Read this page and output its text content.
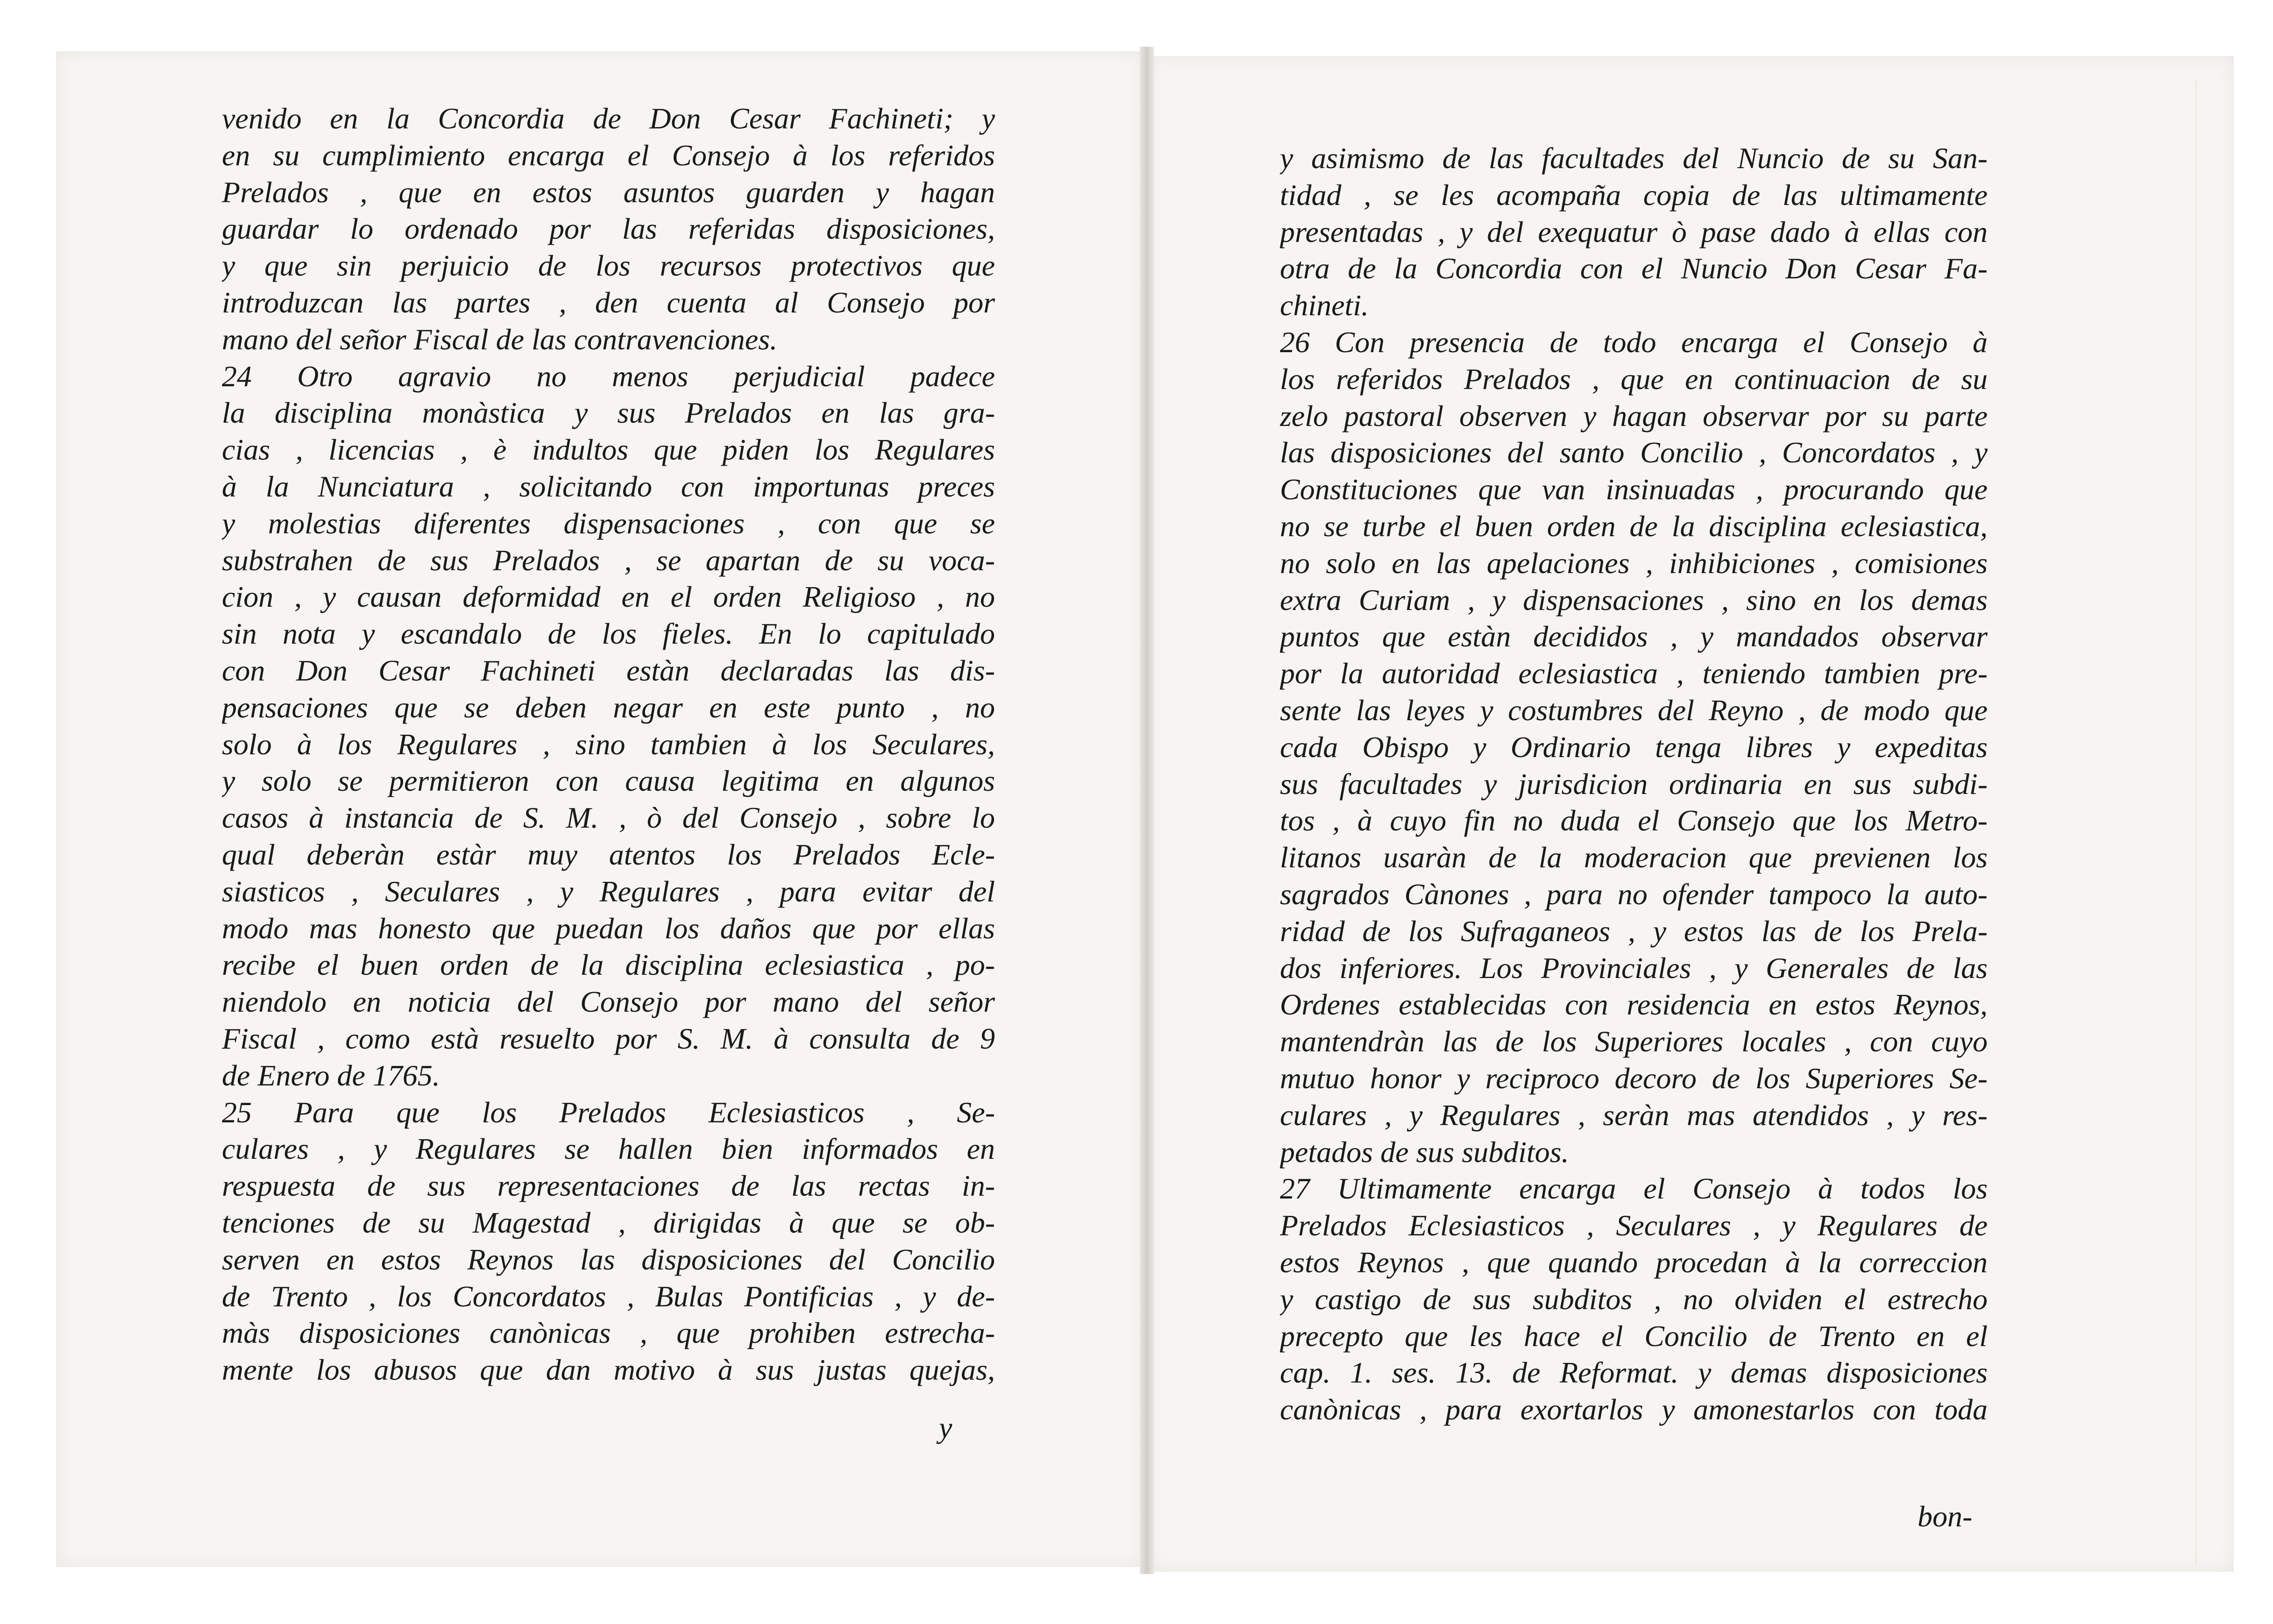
venido en la Concordia de Don Cesar Fachineti; y
en su cumplimiento encarga el Consejo à los referidos
Prelados , que en estos asuntos guarden y hagan
guardar lo ordenado por las referidas disposiciones,
y que sin perjuicio de los recursos protectivos que
introduzcan las partes , den cuenta al Consejo por
mano del señor Fiscal de las contravenciones.
24 Otro agravio no menos perjudicial padece
la disciplina monàstica y sus Prelados en las gra-
cias , licencias , è indultos que piden los Regulares
à la Nunciatura , solicitando con importunas preces
y molestias diferentes dispensaciones , con que se
substrahen de sus Prelados , se apartan de su voca-
cion , y causan deformidad en el orden Religioso , no
sin nota y escandalo de los fieles. En lo capitulado
con Don Cesar Fachineti estàn declaradas las dis-
pensaciones que se deben negar en este punto , no
solo à los Regulares , sino tambien à los Seculares,
y solo se permitieron con causa legitima en algunos
casos à instancia de S. M. , ò del Consejo , sobre lo
qual deberàn estàr muy atentos los Prelados Ecle-
siasticos , Seculares , y Regulares , para evitar del
modo mas honesto que puedan los daños que por ellas
recibe el buen orden de la disciplina eclesiastica , po-
niendolo en noticia del Consejo por mano del señor
Fiscal , como està resuelto por S. M. à consulta de 9
de Enero de 1765.
25 Para que los Prelados Eclesiasticos , Se-
culares , y Regulares se hallen bien informados en
respuesta de sus representaciones de las rectas in-
tenciones de su Magestad , dirigidas à que se ob-
serven en estos Reynos las disposiciones del Concilio
de Trento , los Concordatos , Bulas Pontificias , y de-
màs disposiciones canònicas , que prohiben estrecha-
mente los abusos que dan motivo à sus justas quejas,
y
y asimismo de las facultades del Nuncio de su San-
tidad , se les acompaña copia de las ultimamente
presentadas , y del exequatur ò pase dado à ellas con
otra de la Concordia con el Nuncio Don Cesar Fa-
chineti.
26 Con presencia de todo encarga el Consejo à
los referidos Prelados , que en continuacion de su
zelo pastoral observen y hagan observar por su parte
las disposiciones del santo Concilio , Concordatos , y
Constituciones que van insinuadas , procurando que
no se turbe el buen orden de la disciplina eclesiastica,
no solo en las apelaciones , inhibiciones , comisiones
extra Curiam , y dispensaciones , sino en los demas
puntos que estàn decididos , y mandados observar
por la autoridad eclesiastica , teniendo tambien pre-
sente las leyes y costumbres del Reyno , de modo que
cada Obispo y Ordinario tenga libres y expeditas
sus facultades y jurisdicion ordinaria en sus subdi-
tos , à cuyo fin no duda el Consejo que los Metro-
litanos usaràn de la moderacion que previenen los
sagrados Cànones , para no ofender tampoco la auto-
ridad de los Sufraganeos , y estos las de los Prela-
dos inferiores. Los Provinciales , y Generales de las
Ordenes establecidas con residencia en estos Reynos,
mantendràn las de los Superiores locales , con cuyo
mutuo honor y reciproco decoro de los Superiores Se-
culares , y Regulares , seràn mas atendidos , y res-
petados de sus subditos.
27 Ultimamente encarga el Consejo à todos los
Prelados Eclesiasticos , Seculares , y Regulares de
estos Reynos , que quando procedan à la correccion
y castigo de sus subditos , no olviden el estrecho
precepto que les hace el Concilio de Trento en el
cap. 1. ses. 13. de Reformat. y demas disposiciones
canònicas , para exortarlos y amonestarlos con toda
bon-
